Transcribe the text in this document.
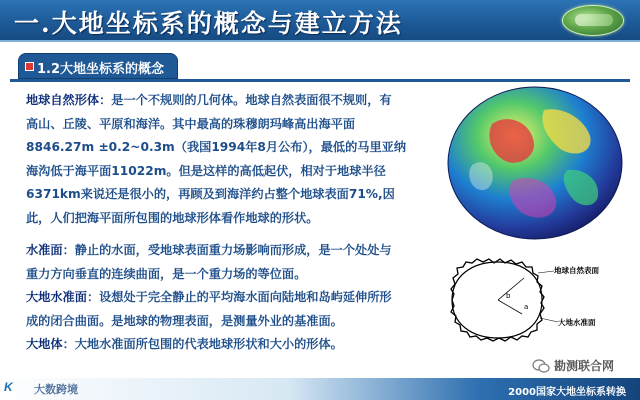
一.大地坐标系的概念与建立方法
1.2大地坐标系的概念
地球自然形体：是一个不规则的几何体。地球自然表面很不规则，有
高山、丘陵、平原和海洋。其中最高的珠穆朗玛峰高出海平面
8846.27m ±0.2~0.3m（我国1994年8月公布），最低的马里亚纳
海沟低于海平面11022m。但是这样的高低起伏，相对于地球半径
6371km来说还是很小的，再顾及到海洋约占整个地球表面71%,因
此，人们把海平面所包围的地球形体看作地球的形状。
水准面：静止的水面，受地球表面重力场影响而形成，是一个处处与
重力方向垂直的连续曲面，是一个重力场的等位面。
大地水准面：设想处于完全静止的平均海水面向陆地和岛屿延伸所形
成的闭合曲面。是地球的物理表面，是测量外业的基准面。
大地体：大地水准面所包围的代表地球形状和大小的形体。
b
a
地球自然表面
大地水准面
勘测联合网
K 大数跨境	2000国家大地坐标系转换
